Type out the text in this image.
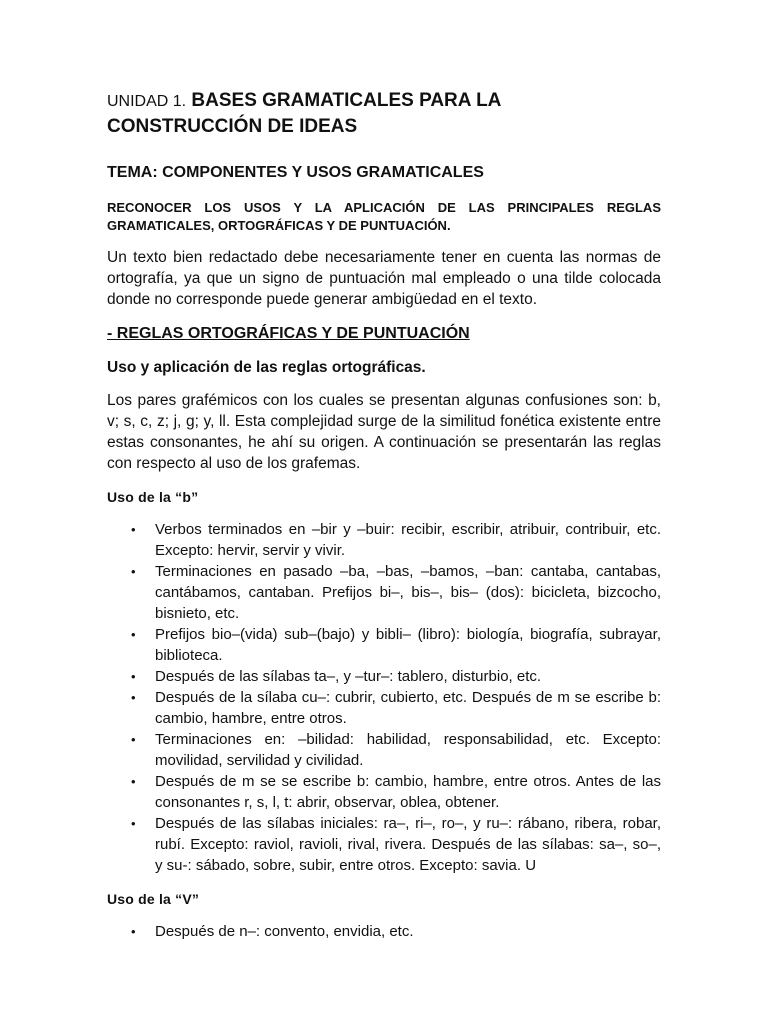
UNIDAD 1. BASES GRAMATICALES PARA LA CONSTRUCCIÓN DE IDEAS
TEMA: COMPONENTES Y USOS GRAMATICALES

RECONOCER LOS USOS Y LA APLICACIÓN DE LAS PRINCIPALES REGLAS GRAMATICALES, ORTOGRÁFICAS Y DE PUNTUACIÓN.

Un texto bien redactado debe necesariamente tener en cuenta las normas de ortografía, ya que un signo de puntuación mal empleado o una tilde colocada donde no corresponde puede generar ambigüedad en el texto.

- REGLAS ORTOGRÁFICAS Y DE PUNTUACIÓN
Uso y aplicación de las reglas ortográficas.

Los pares grafémicos con los cuales se presentan algunas confusiones son: b, v; s, c, z; j, g; y, ll. Esta complejidad surge de la similitud fonética existente entre estas consonantes, he ahí su origen. A continuación se presentarán las reglas con respecto al uso de los grafemas.

Uso de la “b”
• Verbos terminados en –bir y –buir: recibir, escribir, atribuir, contribuir, etc. Excepto: hervir, servir y vivir.
• Terminaciones en pasado –ba, –bas, –bamos, –ban: cantaba, cantabas, cantábamos, cantaban. Prefijos bi–, bis–, bis– (dos): bicicleta, bizcocho, bisnieto, etc.
• Prefijos bio–(vida) sub–(bajo) y bibli– (libro): biología, biografía, subrayar, biblioteca.
• Después de las sílabas ta–, y –tur–: tablero, disturbio, etc.
• Después de la sílaba cu–: cubrir, cubierto, etc. Después de m se escribe b: cambio, hambre, entre otros.
• Terminaciones en: –bilidad: habilidad, responsabilidad, etc. Excepto: movilidad, servilidad y civilidad.
• Después de m se se escribe b: cambio, hambre, entre otros. Antes de las consonantes r, s, l, t: abrir, observar, oblea, obtener.
• Después de las sílabas iniciales: ra–, ri–, ro–, y ru–: rábano, ribera, robar, rubí. Excepto: raviol, ravioli, rival, rivera. Después de las sílabas: sa–, so–, y su-: sábado, sobre, subir, entre otros. Excepto: savia. U
Uso de la “V”
• Después de n–: convento, envidia, etc.
